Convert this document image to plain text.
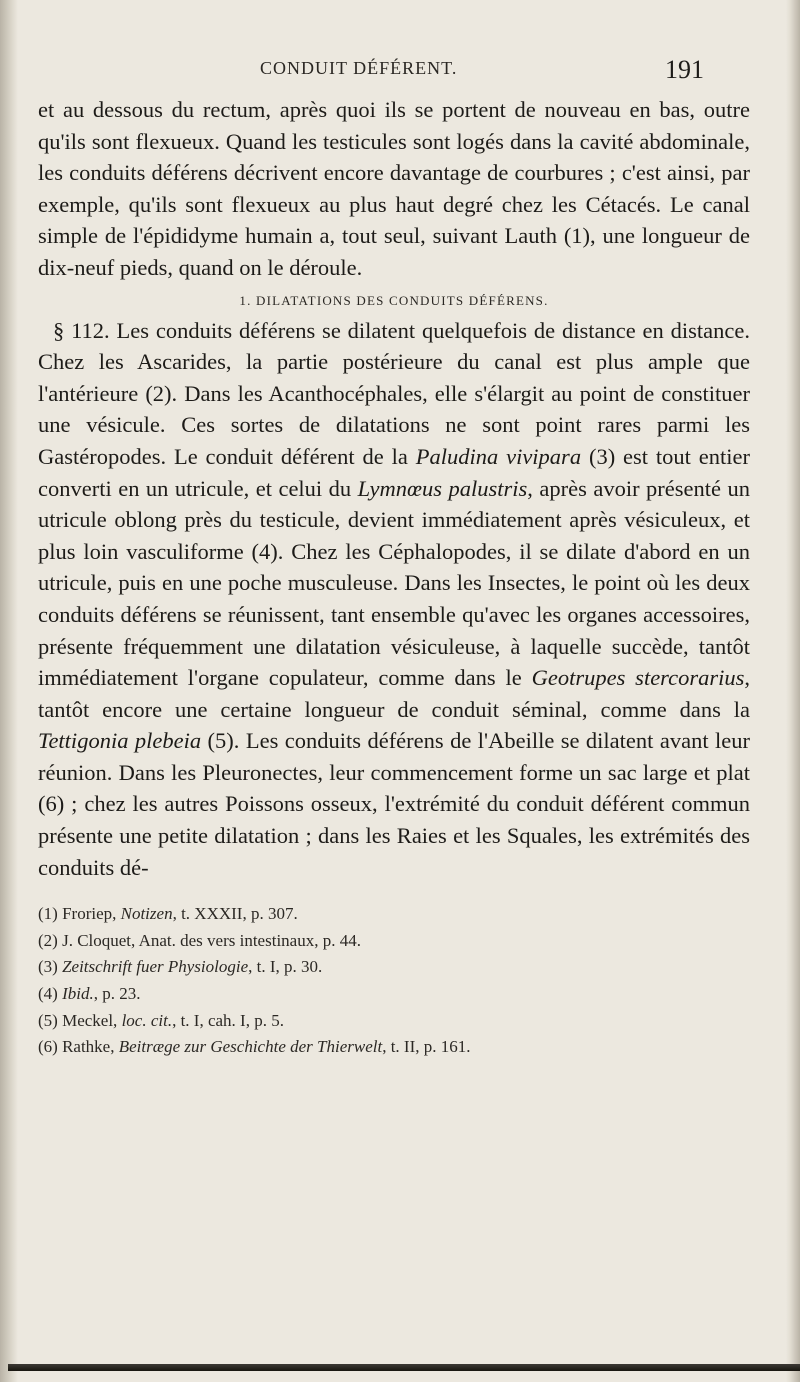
CONDUIT DÉFÉRENT.	191

et au dessous du rectum, après quoi ils se portent de nouveau en bas, outre qu'ils sont flexueux. Quand les testicules sont logés dans la cavité abdominale, les conduits déférens décrivent encore davantage de courbures ; c'est ainsi, par exemple, qu'ils sont flexueux au plus haut degré chez les Cétacés. Le canal simple de l'épididyme humain a, tout seul, suivant Lauth (1), une longueur de dix-neuf pieds, quand on le déroule.

1. DILATATIONS DES CONDUITS DÉFÉRENS.

§ 112. Les conduits déférens se dilatent quelquefois de distance en distance. Chez les Ascarides, la partie postérieure du canal est plus ample que l'antérieure (2). Dans les Acanthocéphales, elle s'élargit au point de constituer une vésicule. Ces sortes de dilatations ne sont point rares parmi les Gastéropodes. Le conduit déférent de la Paludina vivipara (3) est tout entier converti en un utricule, et celui du Lymnœus palustris, après avoir présenté un utricule oblong près du testicule, devient immédiatement après vésiculeux, et plus loin vasculiforme (4). Chez les Céphalopodes, il se dilate d'abord en un utricule, puis en une poche musculeuse. Dans les Insectes, le point où les deux conduits déférens se réunissent, tant ensemble qu'avec les organes accessoires, présente fréquemment une dilatation vésiculeuse, à laquelle succède, tantôt immédiatement l'organe copulateur, comme dans le Geotrupes stercorarius, tantôt encore une certaine longueur de conduit séminal, comme dans la Tettigonia plebeia (5). Les conduits déférens de l'Abeille se dilatent avant leur réunion. Dans les Pleuronectes, leur commencement forme un sac large et plat (6) ; chez les autres Poissons osseux, l'extrémité du conduit déférent commun présente une petite dilatation ; dans les Raies et les Squales, les extrémités des conduits dé-

(1) Froriep, Notizen, t. XXXII, p. 307.
(2) J. Cloquet, Anat. des vers intestinaux, p. 44.
(3) Zeitschrift fuer Physiologie, t. I, p. 30.
(4) Ibid., p. 23.
(5) Meckel, loc. cit., t. I, cah. I, p. 5.
(6) Rathke, Beitræge zur Geschichte der Thierwelt, t. II, p. 161.
